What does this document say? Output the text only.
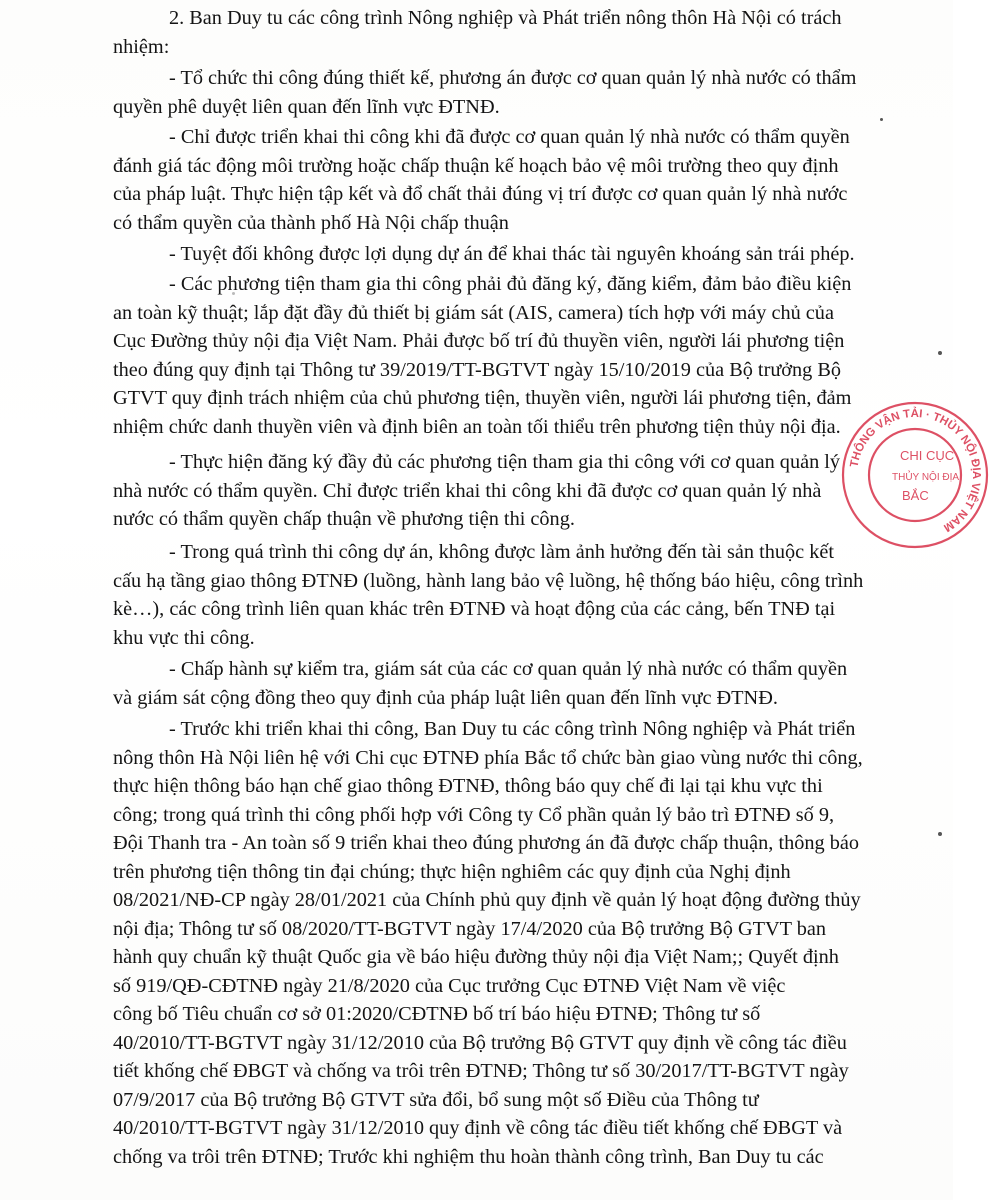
2. Ban Duy tu các công trình Nông nghiệp và Phát triển nông thôn Hà Nội có trách
nhiệm:
- Tổ chức thi công đúng thiết kế, phương án được cơ quan quản lý nhà nước có thẩm
quyền phê duyệt liên quan đến lĩnh vực ĐTNĐ.
- Chỉ được triển khai thi công khi đã được cơ quan quản lý nhà nước có thẩm quyền
đánh giá tác động môi trường hoặc chấp thuận kế hoạch bảo vệ môi trường theo quy định
của pháp luật. Thực hiện tập kết và đổ chất thải đúng vị trí được cơ quan quản lý nhà nước
có thẩm quyền của thành phố Hà Nội chấp thuận
- Tuyệt đối không được lợi dụng dự án để khai thác tài nguyên khoáng sản trái phép.
- Các phương tiện tham gia thi công phải đủ đăng ký, đăng kiểm, đảm bảo điều kiện
an toàn kỹ thuật; lắp đặt đầy đủ thiết bị giám sát (AIS, camera) tích hợp với máy chủ của
Cục Đường thủy nội địa Việt Nam. Phải được bố trí đủ thuyền viên, người lái phương tiện
theo đúng quy định tại Thông tư 39/2019/TT-BGTVT ngày 15/10/2019 của Bộ trưởng Bộ
GTVT quy định trách nhiệm của chủ phương tiện, thuyền viên, người lái phương tiện, đảm
nhiệm chức danh thuyền viên và định biên an toàn tối thiểu trên phương tiện thủy nội địa.
- Thực hiện đăng ký đầy đủ các phương tiện tham gia thi công với cơ quan quản lý
nhà nước có thẩm quyền. Chỉ được triển khai thi công khi đã được cơ quan quản lý nhà
nước có thẩm quyền chấp thuận về phương tiện thi công.
- Trong quá trình thi công dự án, không được làm ảnh hưởng đến tài sản thuộc kết
cấu hạ tầng giao thông ĐTNĐ (luồng, hành lang bảo vệ luồng, hệ thống báo hiệu, công trình
kè…), các công trình liên quan khác trên ĐTNĐ và hoạt động của các cảng, bến TNĐ tại
khu vực thi công.
- Chấp hành sự kiểm tra, giám sát của các cơ quan quản lý nhà nước có thẩm quyền
và giám sát cộng đồng theo quy định của pháp luật liên quan đến lĩnh vực ĐTNĐ.
- Trước khi triển khai thi công, Ban Duy tu các công trình Nông nghiệp và Phát triển
nông thôn Hà Nội liên hệ với Chi cục ĐTNĐ phía Bắc tổ chức bàn giao vùng nước thi công,
thực hiện thông báo hạn chế giao thông ĐTNĐ, thông báo quy chế đi lại tại khu vực thi
công; trong quá trình thi công phối hợp với Công ty Cổ phần quản lý bảo trì ĐTNĐ số 9,
Đội Thanh tra - An toàn số 9 triển khai theo đúng phương án đã được chấp thuận, thông báo
trên phương tiện thông tin đại chúng; thực hiện nghiêm các quy định của Nghị định
08/2021/NĐ-CP ngày 28/01/2021 của Chính phủ quy định về quản lý hoạt động đường thủy
nội địa; Thông tư số 08/2020/TT-BGTVT ngày 17/4/2020 của Bộ trưởng Bộ GTVT ban
hành quy chuẩn kỹ thuật Quốc gia về báo hiệu đường thủy nội địa Việt Nam;; Quyết định
số 919/QĐ-CĐTNĐ ngày 21/8/2020 của Cục trưởng Cục ĐTNĐ Việt Nam về việc
công bố Tiêu chuẩn cơ sở 01:2020/CĐTNĐ bố trí báo hiệu ĐTNĐ; Thông tư số
40/2010/TT-BGTVT ngày 31/12/2010 của Bộ trưởng Bộ GTVT quy định về công tác điều
tiết khống chế ĐBGT và chống va trôi trên ĐTNĐ; Thông tư số 30/2017/TT-BGTVT ngày
07/9/2017 của Bộ trưởng Bộ GTVT sửa đổi, bổ sung một số Điều của Thông tư
40/2010/TT-BGTVT ngày 31/12/2010 quy định về công tác điều tiết khống chế ĐBGT và
chống va trôi trên ĐTNĐ; Trước khi nghiệm thu hoàn thành công trình, Ban Duy tu các
THÔNG VẬN TẢI · THỦY NỘI ĐỊA VIỆT NAM
CHI CỤC
THỦY NỘI ĐỊA
BẮC
